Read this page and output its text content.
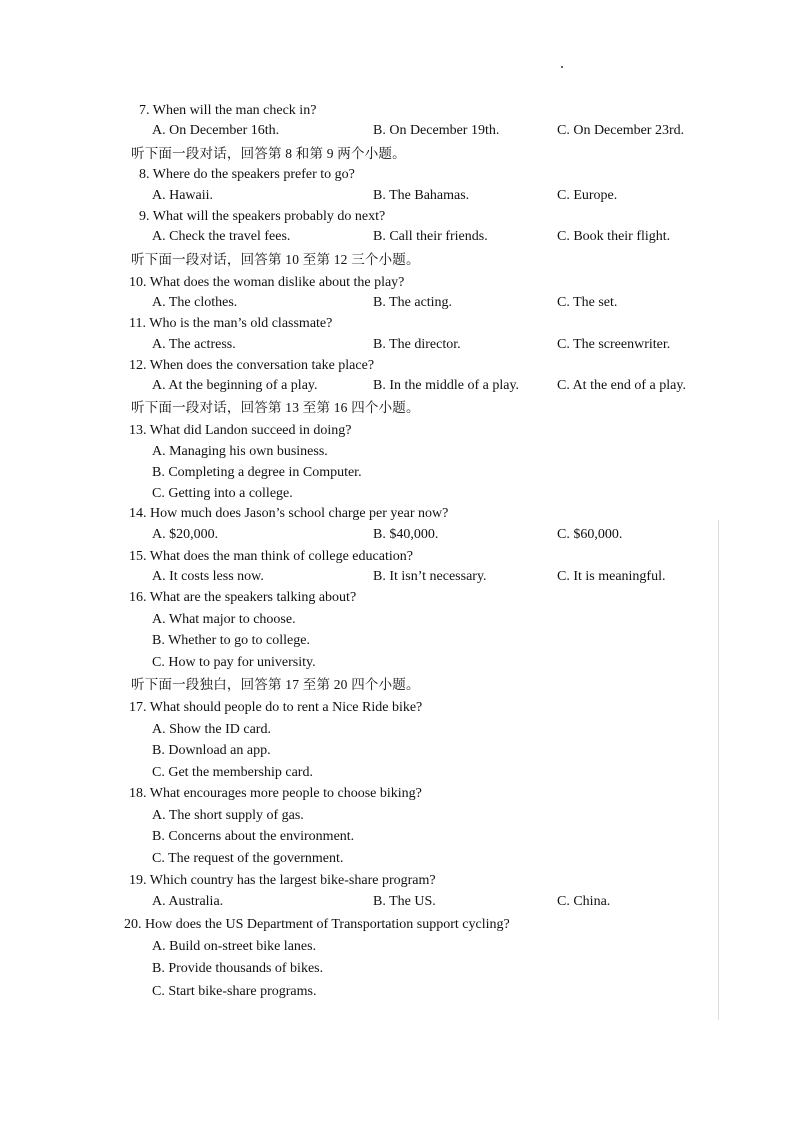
7. When will the man check in?
A. On December 16th.	B. On December 19th.	C. On December 23rd.
听下面一段对话，回答第 8 和第 9 两个小题。
8. Where do the speakers prefer to go?
A. Hawaii.	B. The Bahamas.	C. Europe.
9. What will the speakers probably do next?
A. Check the travel fees.	B. Call their friends.	C. Book their flight.
听下面一段对话，回答第 10 至第 12 三个小题。
10. What does the woman dislike about the play?
A. The clothes.	B. The acting.	C. The set.
11. Who is the man’s old classmate?
A. The actress.	B. The director.	C. The screenwriter.
12. When does the conversation take place?
A. At the beginning of a play.	B. In the middle of a play.	C. At the end of a play.
听下面一段对话，回答第 13 至第 16 四个小题。
13. What did Landon succeed in doing?
A. Managing his own business.
B. Completing a degree in Computer.
C. Getting into a college.
14. How much does Jason’s school charge per year now?
A. $20,000.	B. $40,000.	C. $60,000.
15. What does the man think of college education?
A. It costs less now.	B. It isn’t necessary.	C. It is meaningful.
16. What are the speakers talking about?
A. What major to choose.
B. Whether to go to college.
C. How to pay for university.
听下面一段独白，回答第 17 至第 20 四个小题。
17. What should people do to rent a Nice Ride bike?
A. Show the ID card.
B. Download an app.
C. Get the membership card.
18. What encourages more people to choose biking?
A. The short supply of gas.
B. Concerns about the environment.
C. The request of the government.
19. Which country has the largest bike-share program?
A. Australia.	B. The US.	C. China.
20. How does the US Department of Transportation support cycling?
A. Build on-street bike lanes.
B. Provide thousands of bikes.
C. Start bike-share programs.
